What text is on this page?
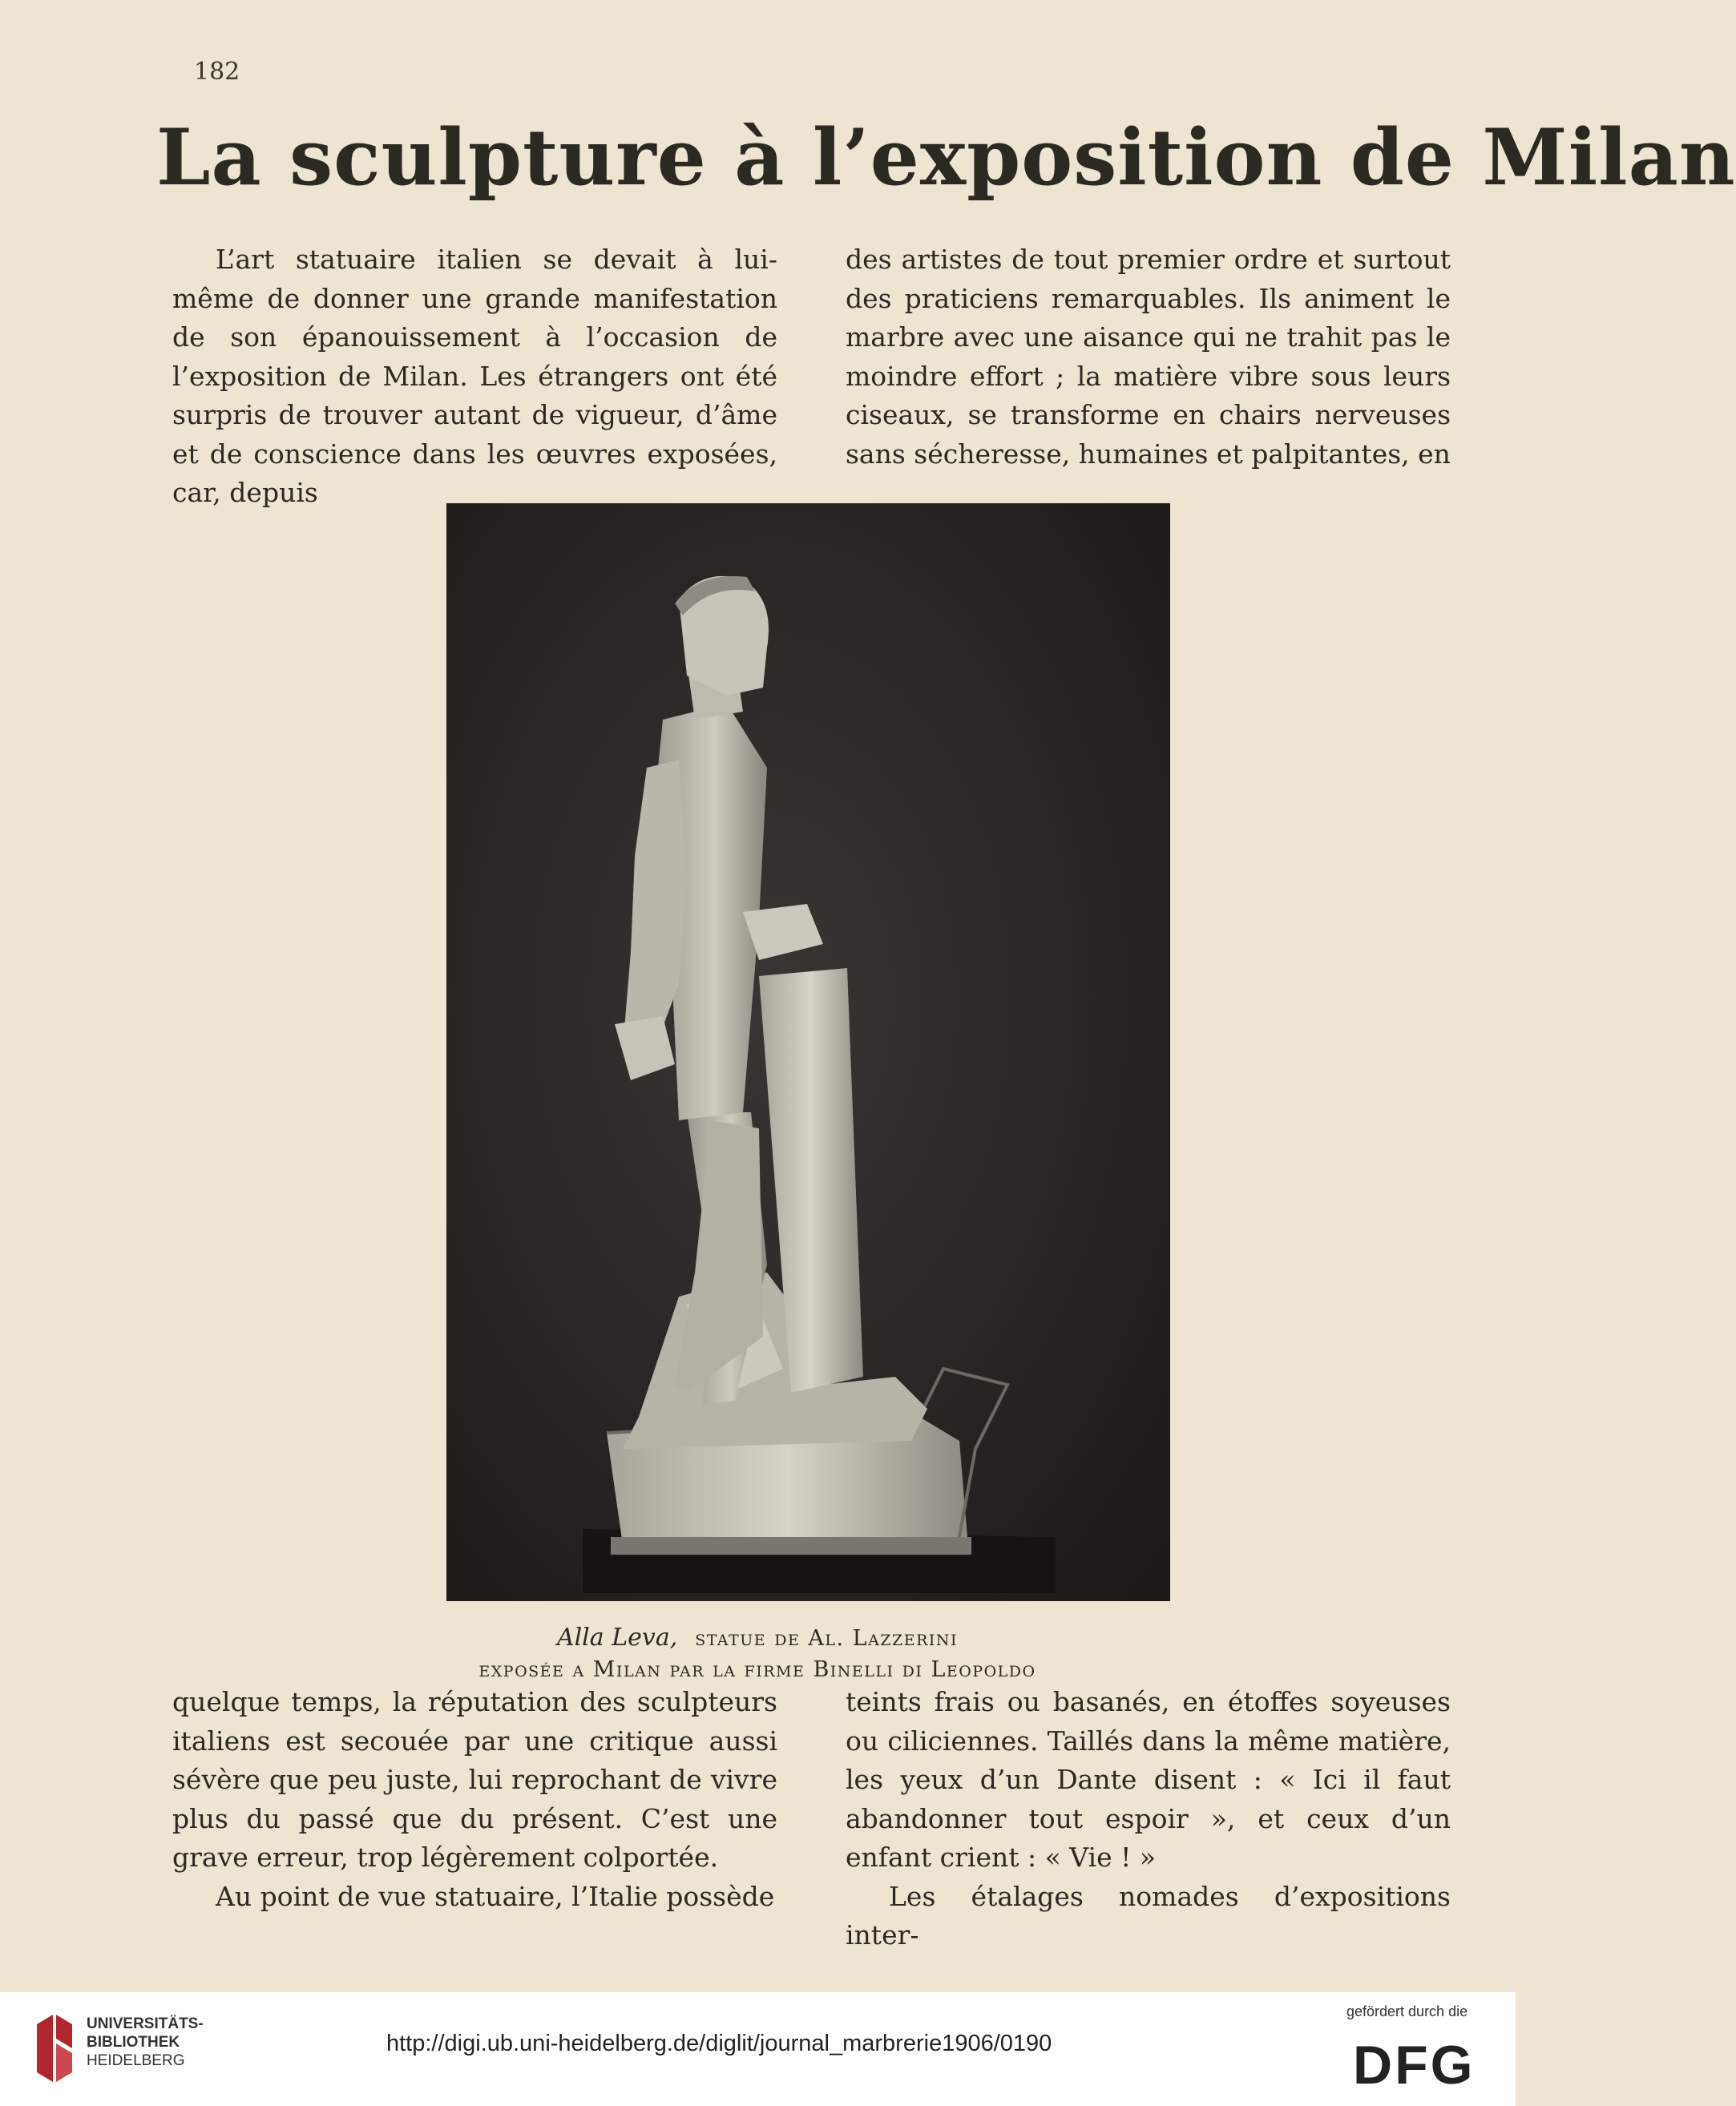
182
La sculpture à l’exposition de Milan

L’art statuaire italien se devait à lui-même de donner une grande manifestation de son épanouissement à l’occasion de l’exposition de Milan. Les étrangers ont été surpris de trouver autant de vigueur, d’âme et de conscience dans les œuvres exposées, car, depuis

des artistes de tout premier ordre et surtout des praticiens remarquables. Ils animent le marbre avec une aisance qui ne trahit pas le moindre effort ; la matière vibre sous leurs ciseaux, se transforme en chairs nerveuses sans sécheresse, humaines et palpitantes, en

Alla Leva, statue de Al. Lazzerini
exposée a Milan par la firme Binelli di Leopoldo

quelque temps, la réputation des sculpteurs italiens est secouée par une critique aussi sévère que peu juste, lui reprochant de vivre plus du passé que du présent. C’est une grave erreur, trop légèrement colportée.

Au point de vue statuaire, l’Italie possède

teints frais ou basanés, en étoffes soyeuses ou ciliciennes. Taillés dans la même matière, les yeux d’un Dante disent : « Ici il faut abandonner tout espoir », et ceux d’un enfant crient : « Vie ! »

Les étalages nomades d’expositions inter-

UNIVERSITÄTS-
BIBLIOTHEK
HEIDELBERG
http://digi.ub.uni-heidelberg.de/diglit/journal_marbrerie1906/0190
gefördert durch die
DFG
